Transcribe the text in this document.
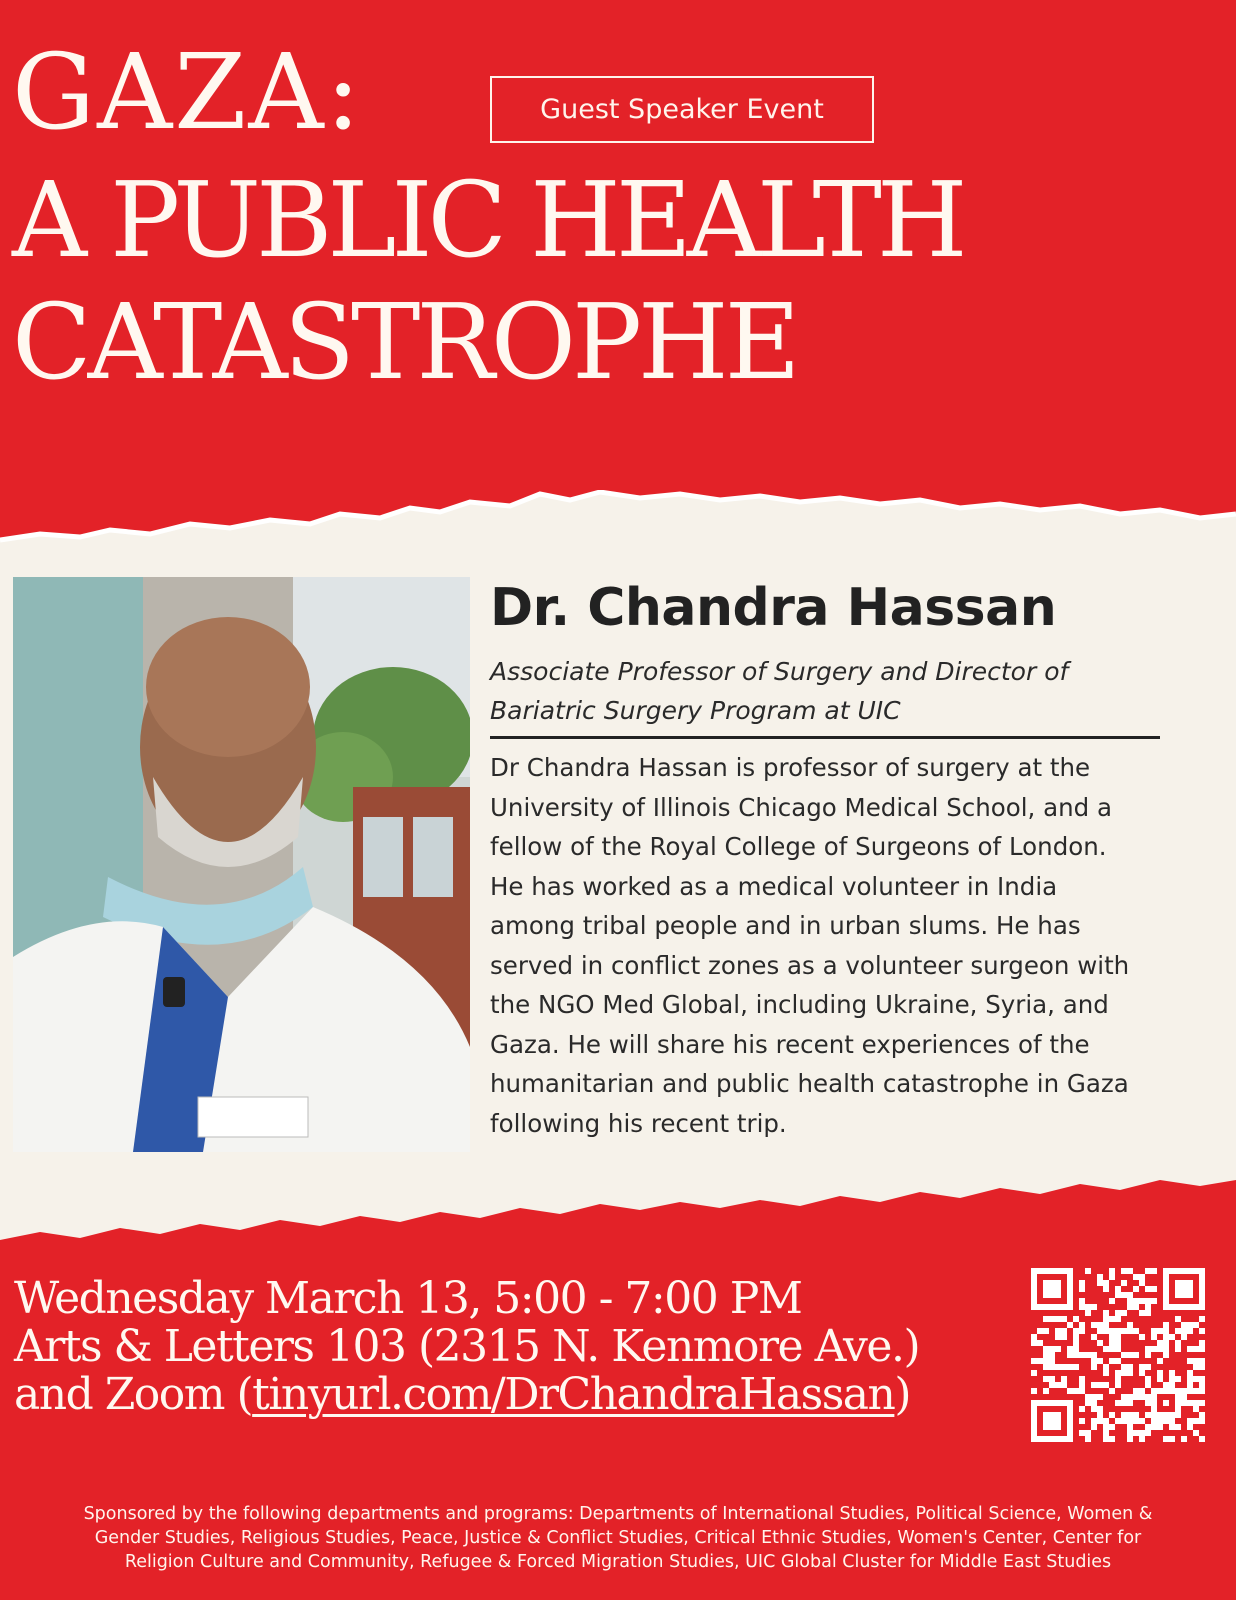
GAZA:
A PUBLIC HEALTH
CATASTROPHE
Guest Speaker Event
Dr. Chandra Hassan
Associate Professor of Surgery and Director of
Bariatric Surgery Program at UIC
Dr Chandra Hassan is professor of surgery at the
University of Illinois Chicago Medical School, and a
fellow of the Royal College of Surgeons of London.
He has worked as a medical volunteer in India
among tribal people and in urban slums. He has
served in conflict zones as a volunteer surgeon with
the NGO Med Global, including Ukraine, Syria, and
Gaza. He will share his recent experiences of the
humanitarian and public health catastrophe in Gaza
following his recent trip.
Wednesday March 13, 5:00 - 7:00 PM
Arts & Letters 103 (2315 N. Kenmore Ave.)
and Zoom (tinyurl.com/DrChandraHassan)
Sponsored by the following departments and programs: Departments of International Studies, Political Science, Women &
Gender Studies, Religious Studies, Peace, Justice & Conflict Studies, Critical Ethnic Studies, Women's Center, Center for
Religion Culture and Community, Refugee & Forced Migration Studies, UIC Global Cluster for Middle East Studies
